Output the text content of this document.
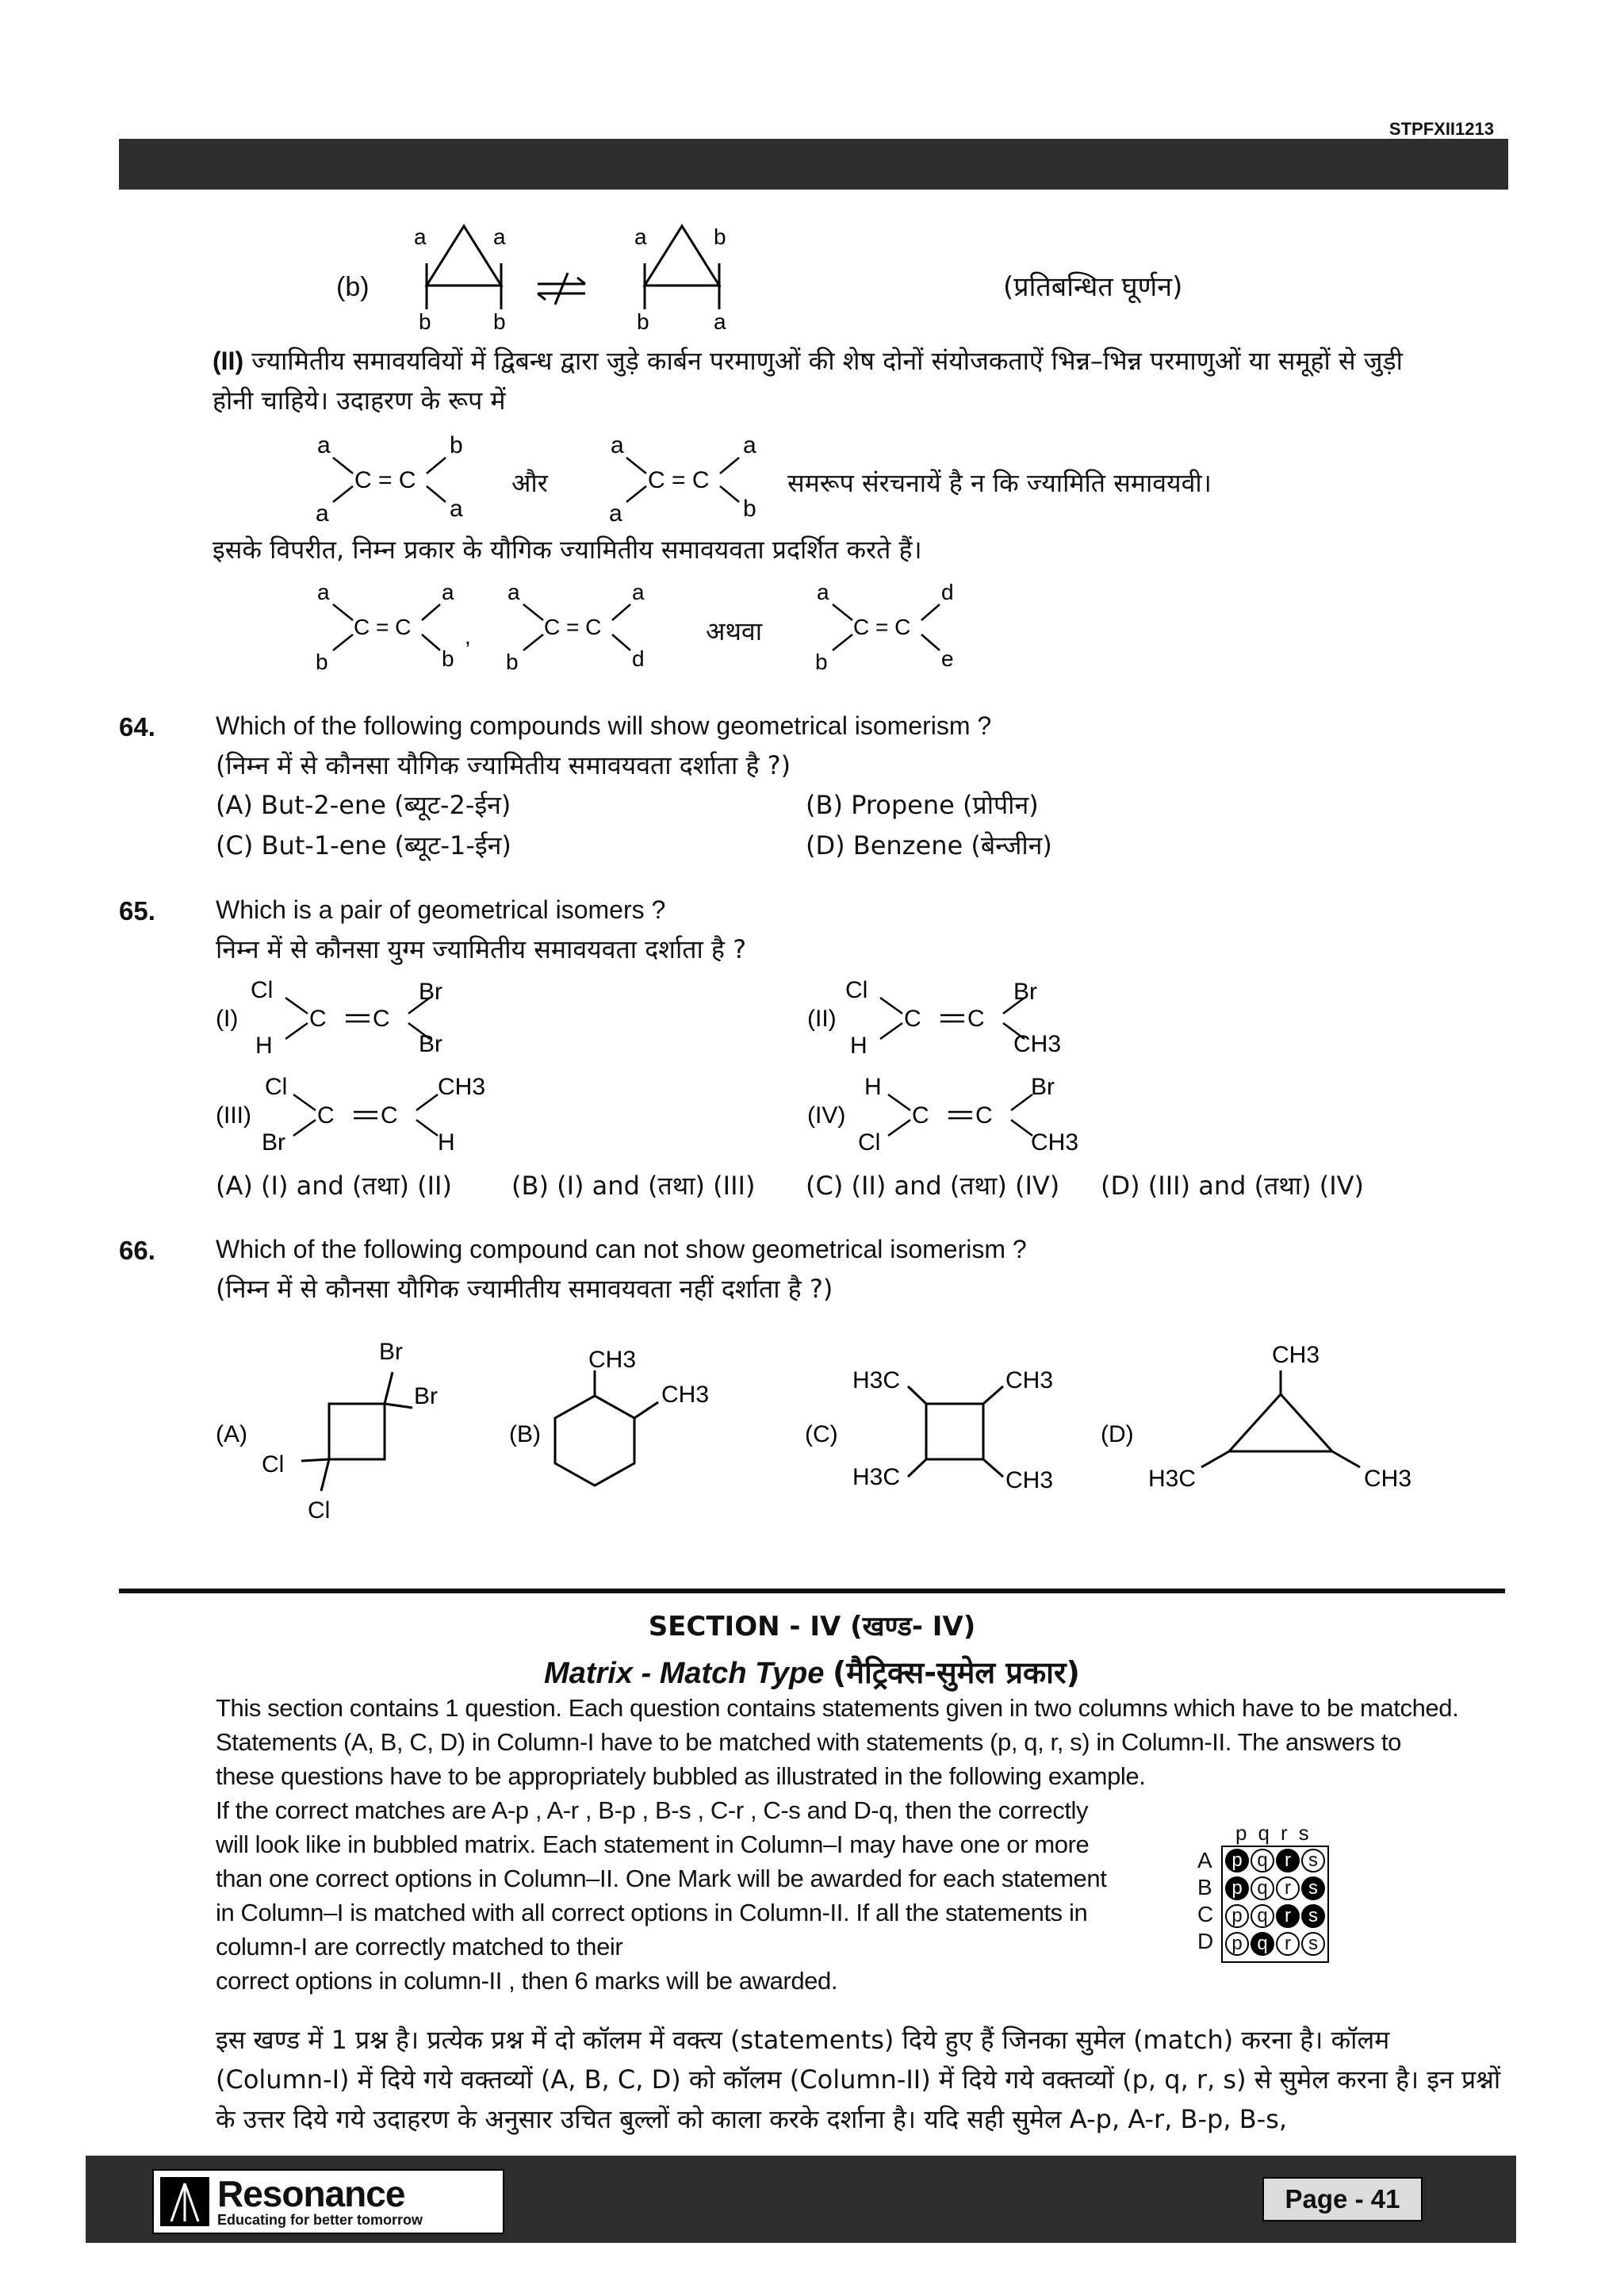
STPFXII1213
(b)
a	a
b	b
a	b
b	a
(प्रतिबन्धित घूर्णन)
(II) ज्यामितीय समावयवियों में द्विबन्ध द्वारा जुड़े कार्बन परमाणुओं की शेष दोनों संयोजकताऐं भिन्न–भिन्न परमाणुओं या समूहों से जुड़ी
होनी चाहिये। उदाहरण के रूप में
a
a
C = C
b
a
a
a
C = C
a
b
और	समरूप संरचनायें है न कि ज्यामिति समावयवी।
इसके विपरीत, निम्न प्रकार के यौगिक ज्यामितीय समावयवता प्रदर्शित करते हैं।
a
b
C = C
a
b
,
a
b
C = C
a
d
a
b
C = C
d
e
अथवा
64. Which of the following compounds will show geometrical isomerism ?
(निम्न में से कौनसा यौगिक ज्यामितीय समावयवता दर्शाता है ?)
(A) But-2-ene (ब्यूट-2-ईन)	(B) Propene (प्रोपीन)
(C) But-1-ene (ब्यूट-1-ईन)	(D) Benzene (बेन्जीन)
65. Which is a pair of geometrical isomers ?
निम्न में से कौनसा युग्म ज्यामितीय समावयवता दर्शाता है ?
(I)
Cl
H
C C
Br
Br
(II)
Cl
H
C C
Br
CH3
(III)
Cl
Br
C C
CH3
H
(IV)
H
Cl
C C
Br
CH3
(A) (I) and (तथा) (II) (B) (I) and (तथा) (III) (C) (II) and (तथा) (IV) (D) (III) and (तथा) (IV)
66. Which of the following compound can not show geometrical isomerism ?
(निम्न में से कौनसा यौगिक ज्यामीतीय समावयवता नहीं दर्शाता है ?)
(A)
Br
Br
Cl
Cl
(B)
CH3
CH3
(C)
H3C	CH3
H3C	CH3
(D)
CH3
H3C	CH3
SECTION - IV (खण्ड- IV)
Matrix - Match Type (मैट्रिक्स-सुमेल प्रकार)
This section contains 1 question. Each question contains statements given in two columns which have to be matched.
Statements (A, B, C, D) in Column-I have to be matched with statements (p, q, r, s) in Column-II. The answers to
these questions have to be appropriately bubbled as illustrated in the following example.
If the correct matches are A-p , A-r , B-p , B-s , C-r , C-s and D-q, then the correctly
will look like in bubbled matrix. Each statement in Column–I may have one or more
than one correct options in Column–II. One Mark will be awarded for each statement
in Column–I is matched with all correct options in Column-II. If all the statements in
column-I are correctly matched to their
correct options in column-II , then 6 marks will be awarded.
p q r s
A
B
C
D
p q r s
p q r s
p q r s
p q r s
इस खण्ड में 1 प्रश्न है। प्रत्येक प्रश्न में दो कॉलम में वक्त्य (statements) दिये हुए हैं जिनका सुमेल (match) करना है। कॉलम
(Column-I) में दिये गये वक्तव्यों (A, B, C, D) को कॉलम (Column-II) में दिये गये वक्तव्यों (p, q, r, s) से सुमेल करना है। इन प्रश्नों
के उत्तर दिये गये उदाहरण के अनुसार उचित बुल्लों को काला करके दर्शाना है। यदि सही सुमेल A-p, A-r, B-p, B-s,
Resonance
Educating for better tomorrow
Page - 41
